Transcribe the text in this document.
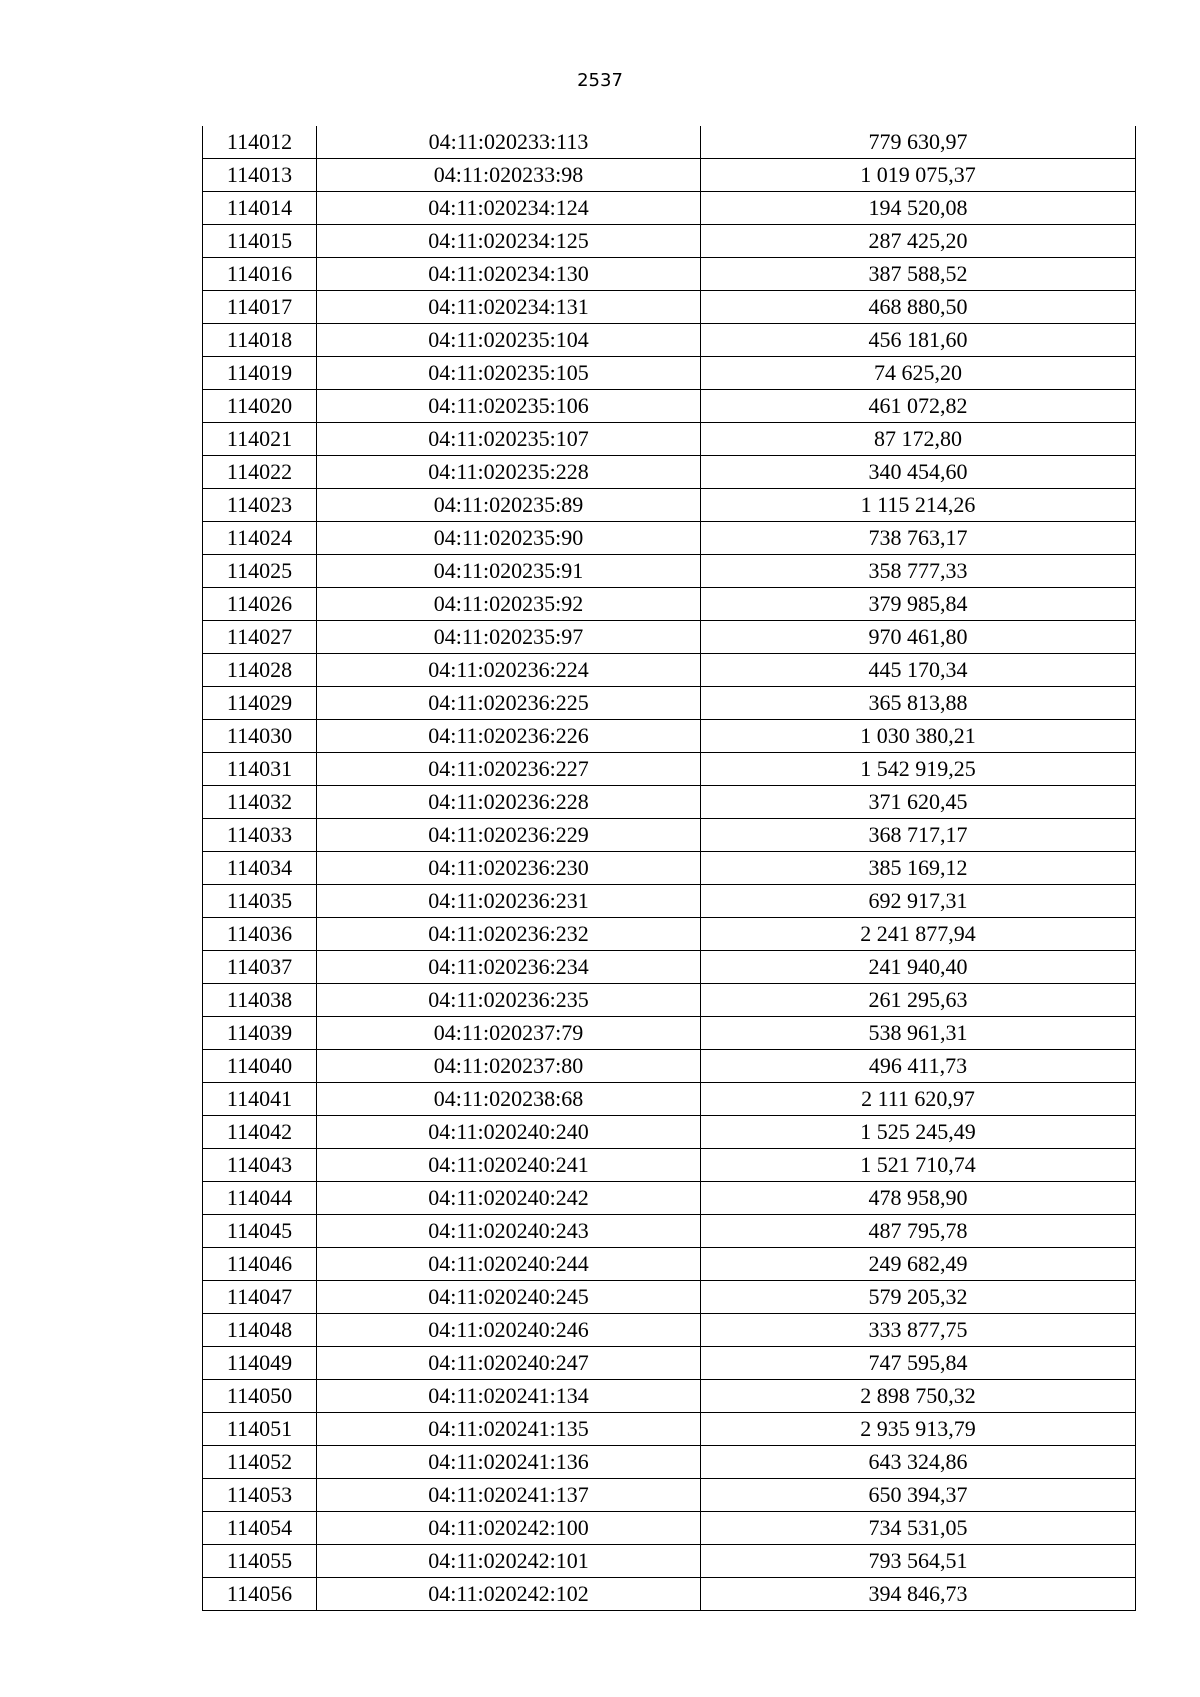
2537
114012	04:11:020233:113	779 630,97
114013	04:11:020233:98	1 019 075,37
114014	04:11:020234:124	194 520,08
114015	04:11:020234:125	287 425,20
114016	04:11:020234:130	387 588,52
114017	04:11:020234:131	468 880,50
114018	04:11:020235:104	456 181,60
114019	04:11:020235:105	74 625,20
114020	04:11:020235:106	461 072,82
114021	04:11:020235:107	87 172,80
114022	04:11:020235:228	340 454,60
114023	04:11:020235:89	1 115 214,26
114024	04:11:020235:90	738 763,17
114025	04:11:020235:91	358 777,33
114026	04:11:020235:92	379 985,84
114027	04:11:020235:97	970 461,80
114028	04:11:020236:224	445 170,34
114029	04:11:020236:225	365 813,88
114030	04:11:020236:226	1 030 380,21
114031	04:11:020236:227	1 542 919,25
114032	04:11:020236:228	371 620,45
114033	04:11:020236:229	368 717,17
114034	04:11:020236:230	385 169,12
114035	04:11:020236:231	692 917,31
114036	04:11:020236:232	2 241 877,94
114037	04:11:020236:234	241 940,40
114038	04:11:020236:235	261 295,63
114039	04:11:020237:79	538 961,31
114040	04:11:020237:80	496 411,73
114041	04:11:020238:68	2 111 620,97
114042	04:11:020240:240	1 525 245,49
114043	04:11:020240:241	1 521 710,74
114044	04:11:020240:242	478 958,90
114045	04:11:020240:243	487 795,78
114046	04:11:020240:244	249 682,49
114047	04:11:020240:245	579 205,32
114048	04:11:020240:246	333 877,75
114049	04:11:020240:247	747 595,84
114050	04:11:020241:134	2 898 750,32
114051	04:11:020241:135	2 935 913,79
114052	04:11:020241:136	643 324,86
114053	04:11:020241:137	650 394,37
114054	04:11:020242:100	734 531,05
114055	04:11:020242:101	793 564,51
114056	04:11:020242:102	394 846,73
